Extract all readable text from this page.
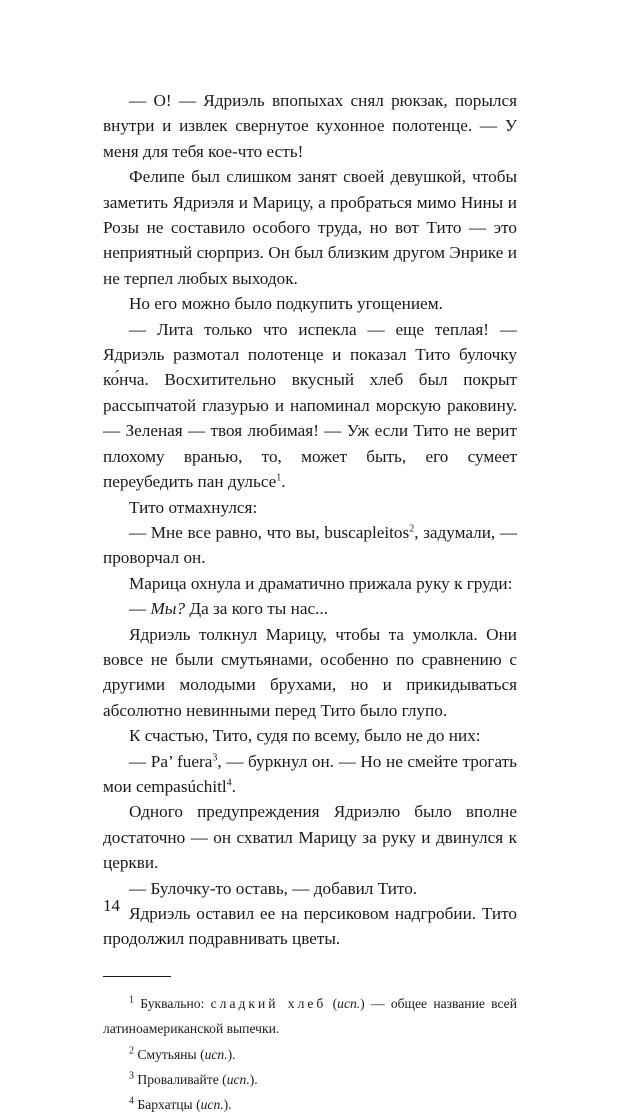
— О! — Ядриэль впопыхах снял рюкзак, порылся внутри и извлек свернутое кухонное полотенце. — У меня для тебя кое-что есть!

Фелипе был слишком занят своей девушкой, чтобы заметить Ядриэля и Марицу, а пробраться мимо Нины и Розы не составило особого труда, но вот Тито — это неприятный сюрприз. Он был близким другом Энрике и не терпел любых выходок.

Но его можно было подкупить угощением.

— Лита только что испекла — еще теплая! — Ядриэль размотал полотенце и показал Тито булочку ко́нча. Восхитительно вкусный хлеб был покрыт рассыпчатой глазурью и напоминал морскую раковину. — Зеленая — твоя любимая! — Уж если Тито не верит плохому вранью, то, может быть, его сумеет переубедить пан дульсе$^1$.

Тито отмахнулся:

— Мне все равно, что вы, buscapleitos$^2$, задумали, — проворчал он.

Марица охнула и драматично прижала руку к груди:

— Мы? Да за кого ты нас...

Ядриэль толкнул Марицу, чтобы та умолкла. Они вовсе не были смутьянами, особенно по сравнению с другими молодыми брухами, но и прикидываться абсолютно невинными перед Тито было глупо.

К счастью, Тито, судя по всему, было не до них:

— Pa’ fuera$^3$, — буркнул он. — Но не смейте трогать мои cempasúchitl$^4$.

Одного предупреждения Ядриэлю было вполне достаточно — он схватил Марицу за руку и двинулся к церкви.

— Булочку-то оставь, — добавил Тито.

Ядриэль оставил ее на персиковом надгробии. Тито продолжил подравнивать цветы.

$^1$ Буквально: сладкий хлеб (исп.) — общее название всей латиноамериканской выпечки.

$^2$ Смутьяны (исп.).

$^3$ Проваливайте (исп.).

$^4$ Бархатцы (исп.).

14
